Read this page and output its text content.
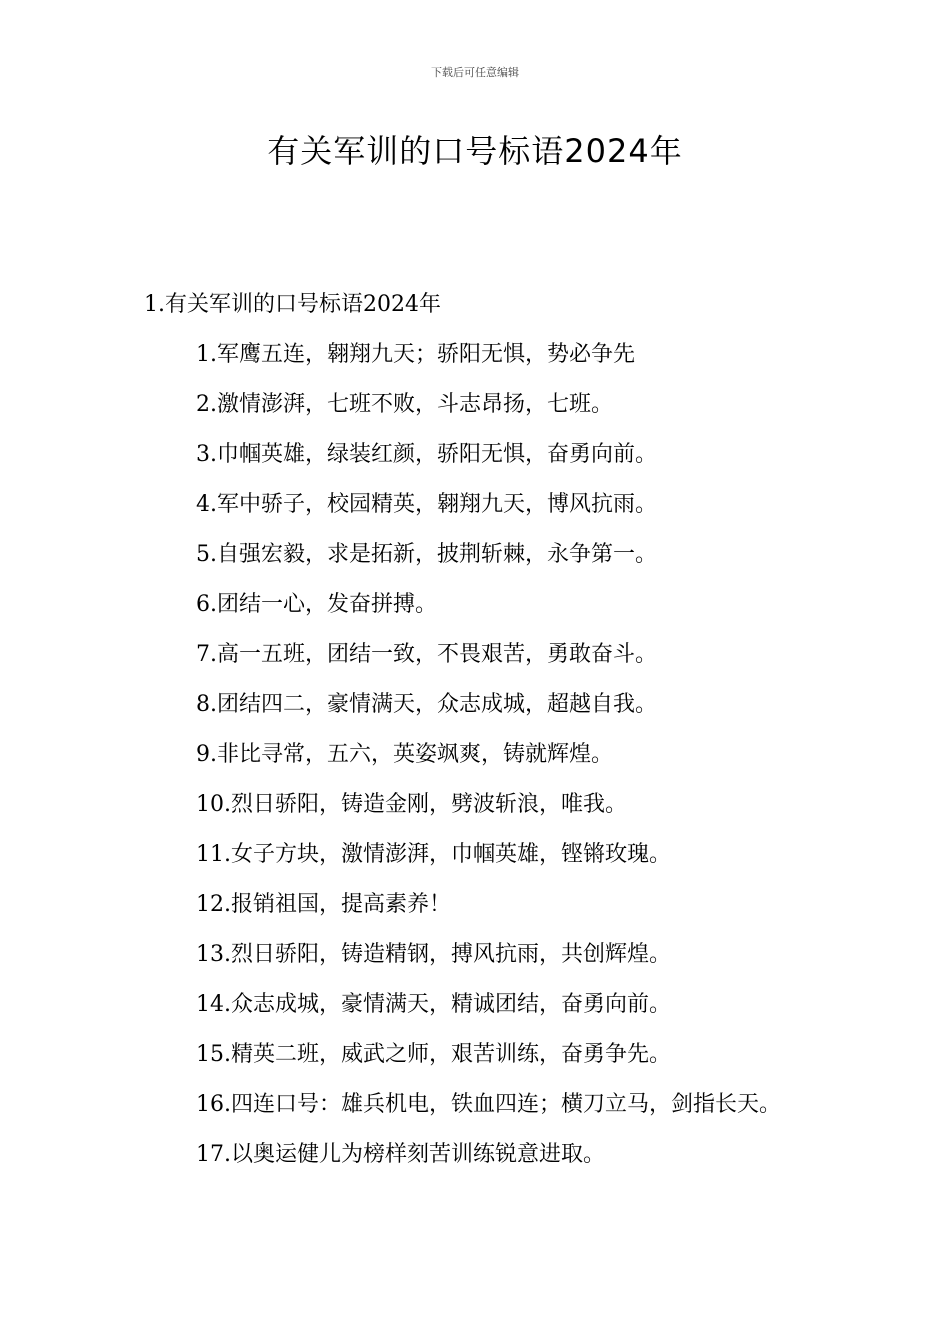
下载后可任意编辑
有关军训的口号标语2024年

1.有关军训的口号标语2024年

1.军鹰五连，翱翔九天；骄阳无惧，势必争先

2.激情澎湃，七班不败，斗志昂扬，七班。

3.巾帼英雄，绿装红颜，骄阳无惧，奋勇向前。

4.军中骄子，校园精英，翱翔九天，博风抗雨。

5.自强宏毅，求是拓新，披荆斩棘，永争第一。

6.团结一心，发奋拼搏。

7.高一五班，团结一致，不畏艰苦，勇敢奋斗。

8.团结四二，豪情满天，众志成城，超越自我。

9.非比寻常，五六，英姿飒爽，铸就辉煌。

10.烈日骄阳，铸造金刚，劈波斩浪，唯我。

11.女子方块，激情澎湃，巾帼英雄，铿锵玫瑰。

12.报销祖国，提高素养！

13.烈日骄阳，铸造精钢，搏风抗雨，共创辉煌。

14.众志成城，豪情满天，精诚团结，奋勇向前。

15.精英二班，威武之师，艰苦训练，奋勇争先。

16.四连口号：雄兵机电，铁血四连；横刀立马，剑指长天。

17.以奥运健儿为榜样刻苦训练锐意进取。
